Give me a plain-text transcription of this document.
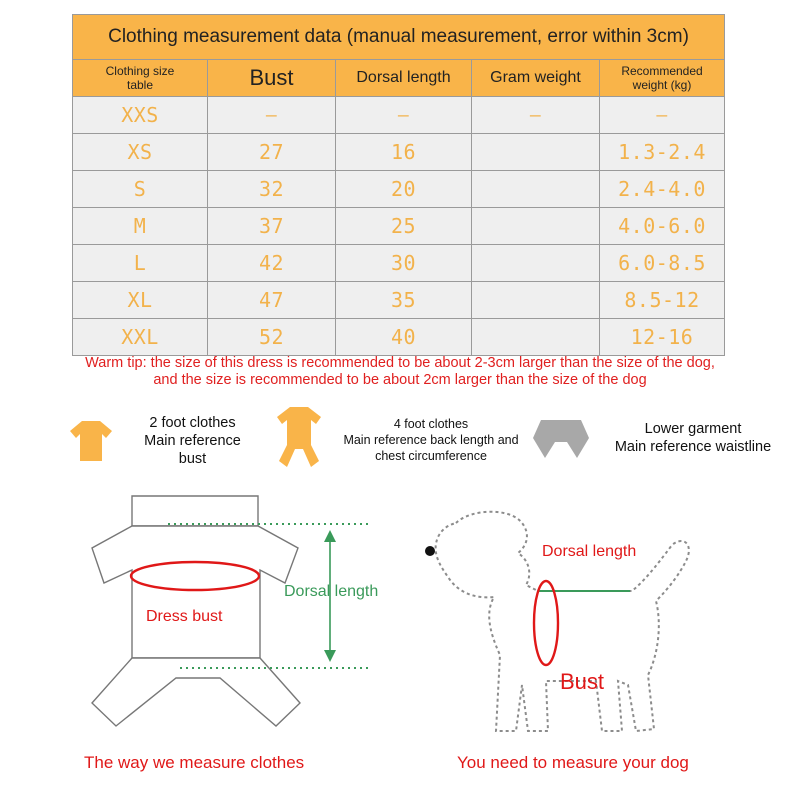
Clothing measurement data (manual measurement, error within 3cm)				
Clothing size
table	Bust	Dorsal length	Gram weight	Recommended
weight (kg)
XXS	—	—	—	—
XS	27	16		1.3-2.4
S	32	20		2.4-4.0
M	37	25		4.0-6.0
L	42	30		6.0-8.5
XL	47	35		8.5-12
XXL	52	40		12-16
Warm tip: the size of this dress is recommended to be about 2-3cm larger than the size of the dog,
and the size is recommended to be about 2cm larger than the size of the dog
2 foot clothes
Main reference
bust
4 foot clothes
Main reference back length and
chest circumference
Lower garment
Main reference waistline
Dress bust
Dorsal length
Dorsal length
Bust
The way we measure clothes	You need to measure your dog
